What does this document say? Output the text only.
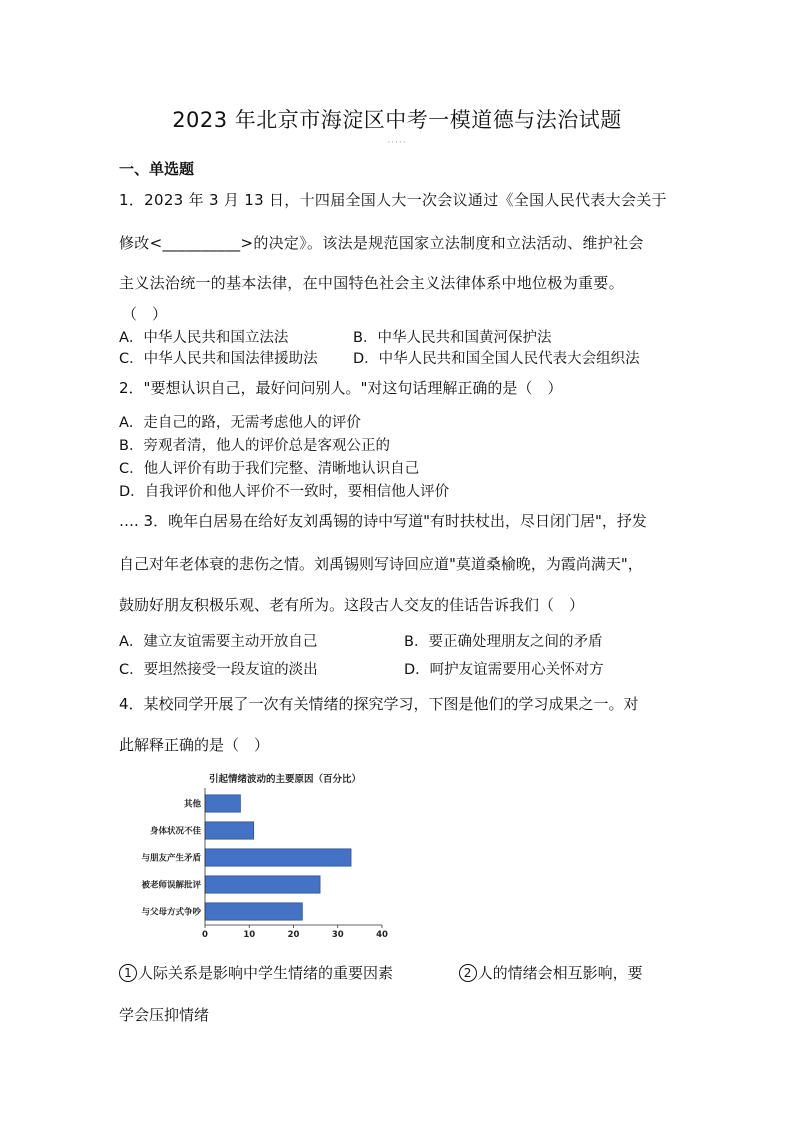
2023 年北京市海淀区中考一模道德与法治试题
·····
一、单选题
1．2023 年 3 月 13 日，十四届全国人大一次会议通过《全国人民代表大会关于
修改<__________>的决定》。该法是规范国家立法制度和立法活动、维护社会
主义法治统一的基本法律，在中国特色社会主义法律体系中地位极为重要。
（　）
A．中华人民共和国立法法	B．中华人民共和国黄河保护法
C．中华人民共和国法律援助法 D．中华人民共和国全国人民代表大会组织法
2．"要想认识自己，最好问问别人。"对这句话理解正确的是（　）
A．走自己的路，无需考虑他人的评价
B．旁观者清，他人的评价总是客观公正的
C．他人评价有助于我们完整、清晰地认识自己
D．自我评价和他人评价不一致时，要相信他人评价
…. 3．晚年白居易在给好友刘禹锡的诗中写道"有时扶杖出，尽日闭门居"，抒发
自己对年老体衰的悲伤之情。刘禹锡则写诗回应道"莫道桑榆晚，为霞尚满天"，
鼓励好朋友积极乐观、老有所为。这段古人交友的佳话告诉我们（　）
A．建立友谊需要主动开放自己	B．要正确处理朋友之间的矛盾
C．要坦然接受一段友谊的淡出	D．呵护友谊需要用心关怀对方
4．某校同学开展了一次有关情绪的探究学习，下图是他们的学习成果之一。对
此解释正确的是（　）
引起情绪波动的主要原因（百分比）
其他
身体状况不佳
与朋友产生矛盾
被老师误解批评
与父母方式争吵
0	10	20	30	40
1 人际关系是影响中学生情绪的重要因素	2 人的情绪会相互影响，要
学会压抑情绪
